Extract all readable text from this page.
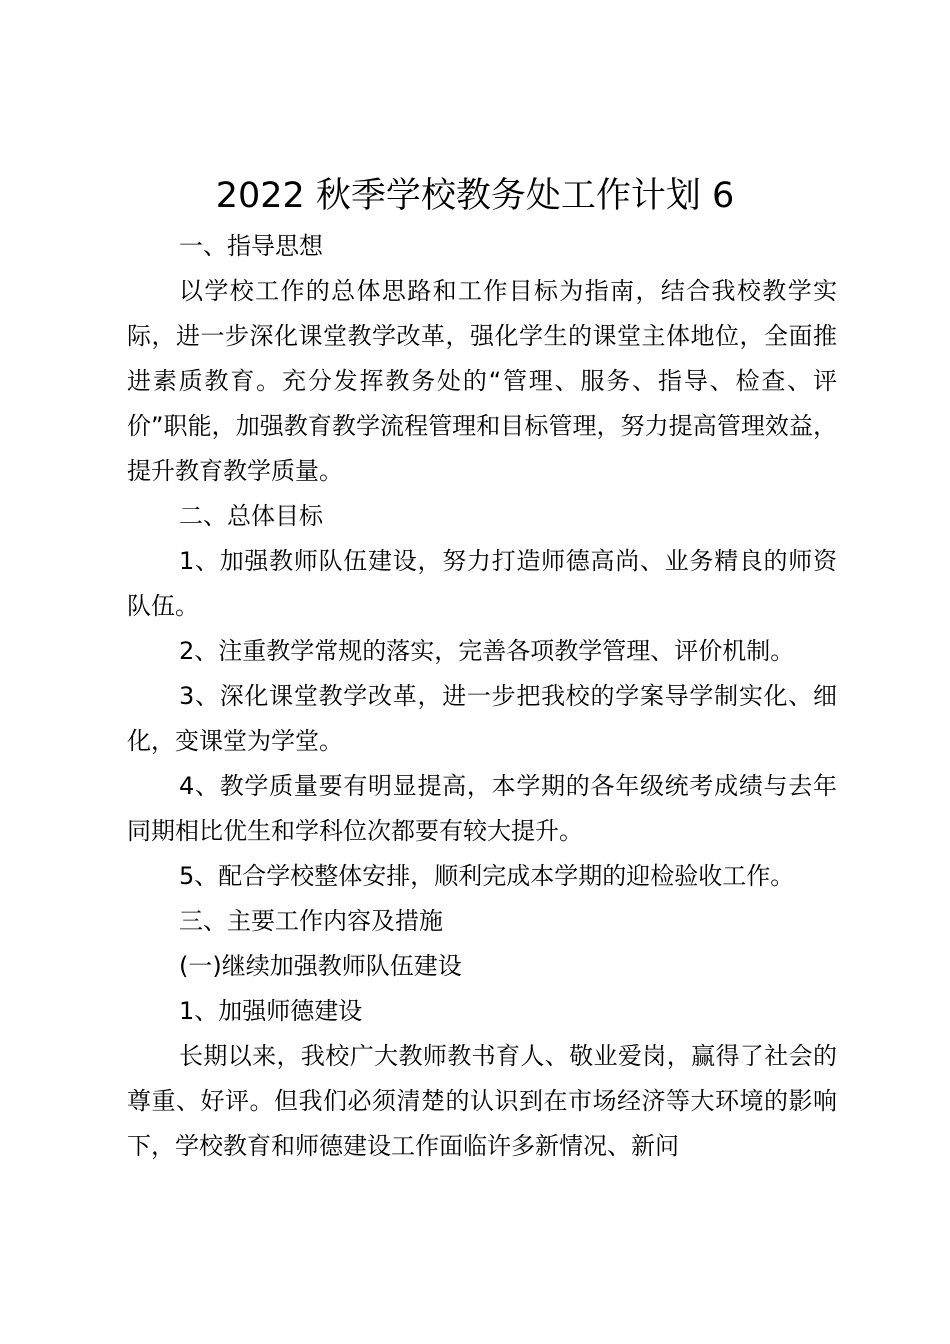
2022 秋季学校教务处工作计划 6

一、指导思想

以学校工作的总体思路和工作目标为指南，结合我校教学实际，进一步深化课堂教学改革，强化学生的课堂主体地位，全面推进素质教育。充分发挥教务处的“管理、服务、指导、检查、评价”职能，加强教育教学流程管理和目标管理，努力提高管理效益，提升教育教学质量。

二、总体目标

1、加强教师队伍建设，努力打造师德高尚、业务精良的师资队伍。

2、注重教学常规的落实，完善各项教学管理、评价机制。

3、深化课堂教学改革，进一步把我校的学案导学制实化、细化，变课堂为学堂。

4、教学质量要有明显提高，本学期的各年级统考成绩与去年同期相比优生和学科位次都要有较大提升。

5、配合学校整体安排，顺利完成本学期的迎检验收工作。

三、主要工作内容及措施

(一)继续加强教师队伍建设

1、加强师德建设

长期以来，我校广大教师教书育人、敬业爱岗，赢得了社会的尊重、好评。但我们必须清楚的认识到在市场经济等大环境的影响下，学校教育和师德建设工作面临许多新情况、新问
